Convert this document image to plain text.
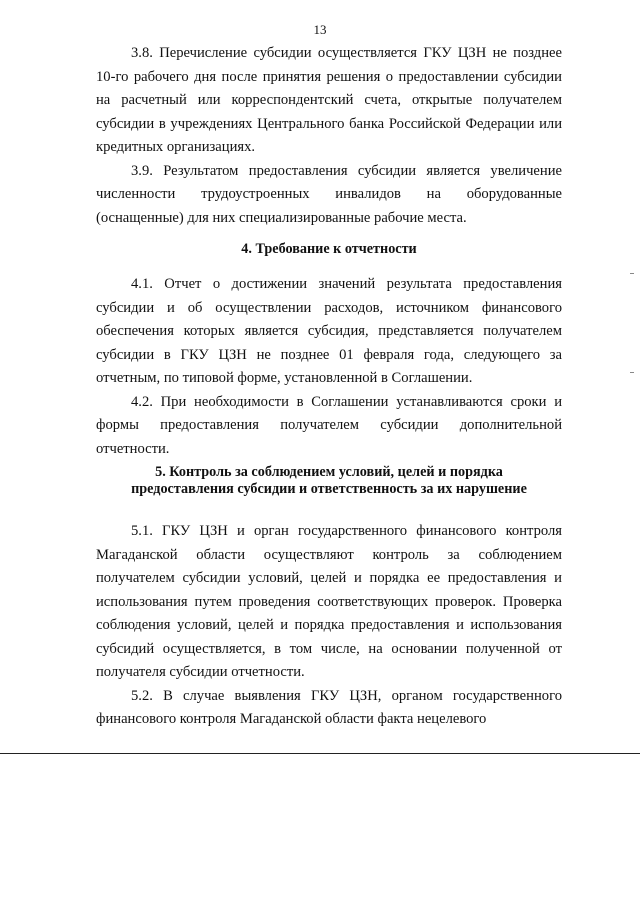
13

3.8. Перечисление субсидии осуществляется ГКУ ЦЗН не позднее 10-го рабочего дня после принятия решения о предоставлении субсидии на расчетный или корреспондентский счета, открытые получателем субсидии в учреждениях Центрального банка Российской Федерации или кредитных организациях.

3.9. Результатом предоставления субсидии является увеличение численности трудоустроенных инвалидов на оборудованные (оснащенные) для них специализированные рабочие места.

4. Требование к отчетности

4.1. Отчет о достижении значений результата предоставления субсидии и об осуществлении расходов, источником финансового обеспечения которых является субсидия, представляется получателем субсидии в ГКУ ЦЗН не позднее 01 февраля года, следующего за отчетным, по типовой форме, установленной в Соглашении.

4.2. При необходимости в Соглашении устанавливаются сроки и формы предоставления получателем субсидии дополнительной отчетности.

5. Контроль за соблюдением условий, целей и порядка
предоставления субсидии и ответственность за их нарушение

5.1. ГКУ ЦЗН и орган государственного финансового контроля Магаданской области осуществляют контроль за соблюдением получателем субсидии условий, целей и порядка ее предоставления и использования путем проведения соответствующих проверок. Проверка соблюдения условий, целей и порядка предоставления и использования субсидий осуществляется, в том числе, на основании полученной от получателя субсидии отчетности.

5.2. В случае выявления ГКУ ЦЗН, органом государственного финансового контроля Магаданской области факта нецелевого
